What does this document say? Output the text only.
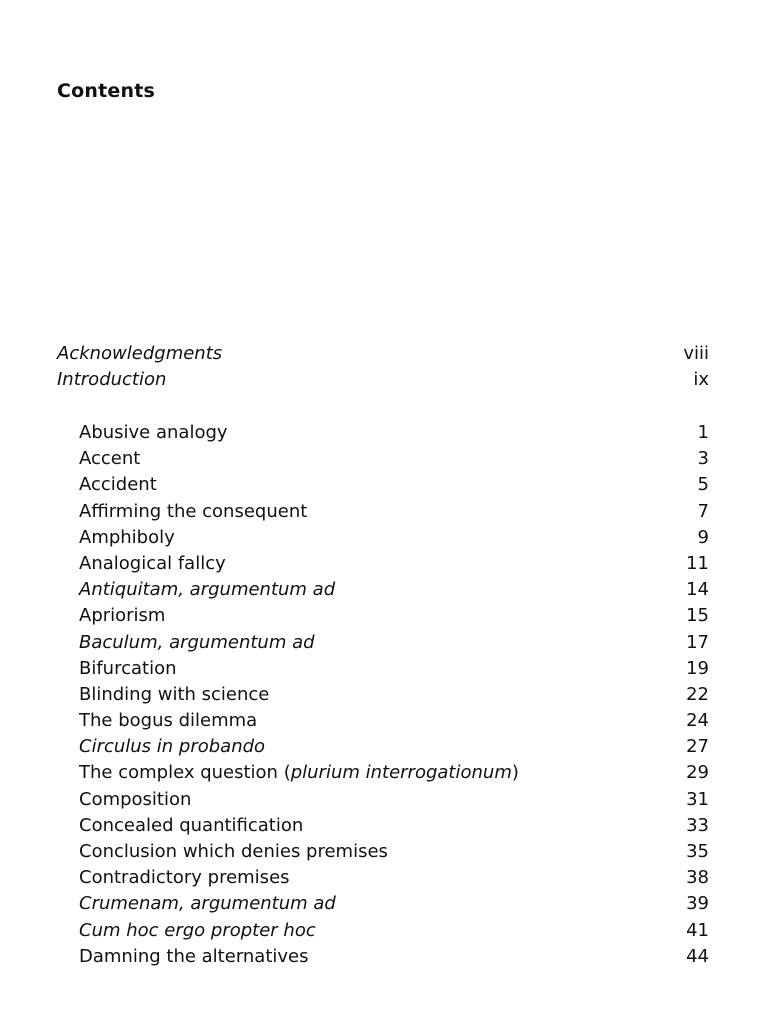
Contents
Acknowledgments	viii
Introduction	ix
Abusive analogy	1
Accent	3
Accident	5
Affirming the consequent	7
Amphiboly	9
Analogical fallcy	11
Antiquitam, argumentum ad	14
Apriorism	15
Baculum, argumentum ad	17
Bifurcation	19
Blinding with science	22
The bogus dilemma	24
Circulus in probando	27
The complex question (plurium interrogationum)	29
Composition	31
Concealed quantification	33
Conclusion which denies premises	35
Contradictory premises	38
Crumenam, argumentum ad	39
Cum hoc ergo propter hoc	41
Damning the alternatives	44
